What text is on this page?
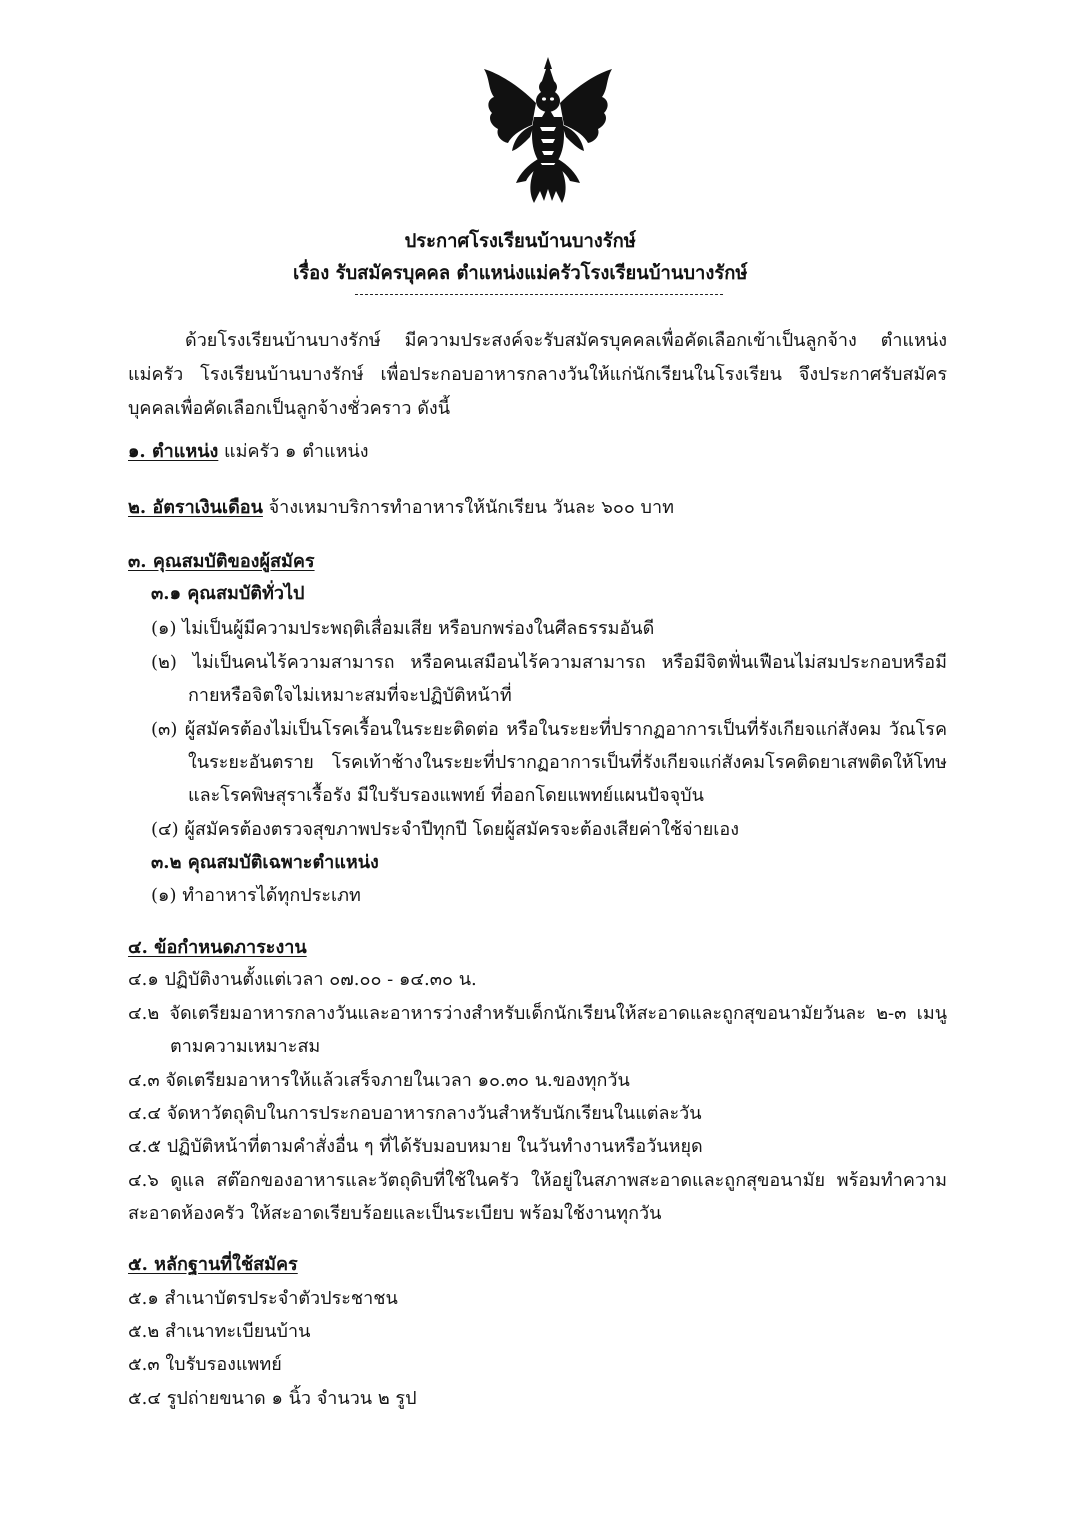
ประกาศโรงเรียนบ้านบางรักษ์
เรื่อง รับสมัครบุคคล ตำแหน่งแม่ครัวโรงเรียนบ้านบางรักษ์
ด้วยโรงเรียนบ้านบางรักษ์ มีความประสงค์จะรับสมัครบุคคลเพื่อคัดเลือกเข้าเป็นลูกจ้าง ตำแหน่ง
แม่ครัว โรงเรียนบ้านบางรักษ์ เพื่อประกอบอาหารกลางวันให้แก่นักเรียนในโรงเรียน จึงประกาศรับสมัคร
บุคคลเพื่อคัดเลือกเป็นลูกจ้างชั่วคราว ดังนี้
๑. ตำแหน่ง แม่ครัว ๑ ตำแหน่ง
๒. อัตราเงินเดือน จ้างเหมาบริการทำอาหารให้นักเรียน วันละ ๖๐๐ บาท
๓. คุณสมบัติของผู้สมัคร
๓.๑ คุณสมบัติทั่วไป
(๑) ไม่เป็นผู้มีความประพฤติเสื่อมเสีย หรือบกพร่องในศีลธรรมอันดี
(๒) ไม่เป็นคนไร้ความสามารถ หรือคนเสมือนไร้ความสามารถ หรือมีจิตฟั่นเฟือนไม่สมประกอบหรือมี
กายหรือจิตใจไม่เหมาะสมที่จะปฏิบัติหน้าที่
(๓) ผู้สมัครต้องไม่เป็นโรคเรื้อนในระยะติดต่อ หรือในระยะที่ปรากฏอาการเป็นที่รังเกียจแก่สังคม วัณโรค
ในระยะอันตราย โรคเท้าช้างในระยะที่ปรากฏอาการเป็นที่รังเกียจแก่สังคมโรคติดยาเสพติดให้โทษ
และโรคพิษสุราเรื้อรัง มีใบรับรองแพทย์ ที่ออกโดยแพทย์แผนปัจจุบัน
(๔) ผู้สมัครต้องตรวจสุขภาพประจำปีทุกปี โดยผู้สมัครจะต้องเสียค่าใช้จ่ายเอง
๓.๒ คุณสมบัติเฉพาะตำแหน่ง
(๑) ทำอาหารได้ทุกประเภท
๔. ข้อกำหนดภาระงาน
๔.๑ ปฏิบัติงานตั้งแต่เวลา ๐๗.๐๐ - ๑๔.๓๐ น.
๔.๒ จัดเตรียมอาหารกลางวันและอาหารว่างสำหรับเด็กนักเรียนให้สะอาดและถูกสุขอนามัยวันละ ๒-๓ เมนู
ตามความเหมาะสม
๔.๓ จัดเตรียมอาหารให้แล้วเสร็จภายในเวลา ๑๐.๓๐ น.ของทุกวัน
๔.๔ จัดหาวัตถุดิบในการประกอบอาหารกลางวันสำหรับนักเรียนในแต่ละวัน
๔.๕ ปฏิบัติหน้าที่ตามคำสั่งอื่น ๆ ที่ได้รับมอบหมาย ในวันทำงานหรือวันหยุด
๔.๖ ดูแล สต๊อกของอาหารและวัตถุดิบที่ใช้ในครัว ให้อยู่ในสภาพสะอาดและถูกสุขอนามัย พร้อมทำความ
สะอาดห้องครัว ให้สะอาดเรียบร้อยและเป็นระเบียบ พร้อมใช้งานทุกวัน
๕. หลักฐานที่ใช้สมัคร
๕.๑ สำเนาบัตรประจำตัวประชาชน
๕.๒ สำเนาทะเบียนบ้าน
๕.๓ ใบรับรองแพทย์
๕.๔ รูปถ่ายขนาด ๑ นิ้ว จำนวน ๒ รูป
